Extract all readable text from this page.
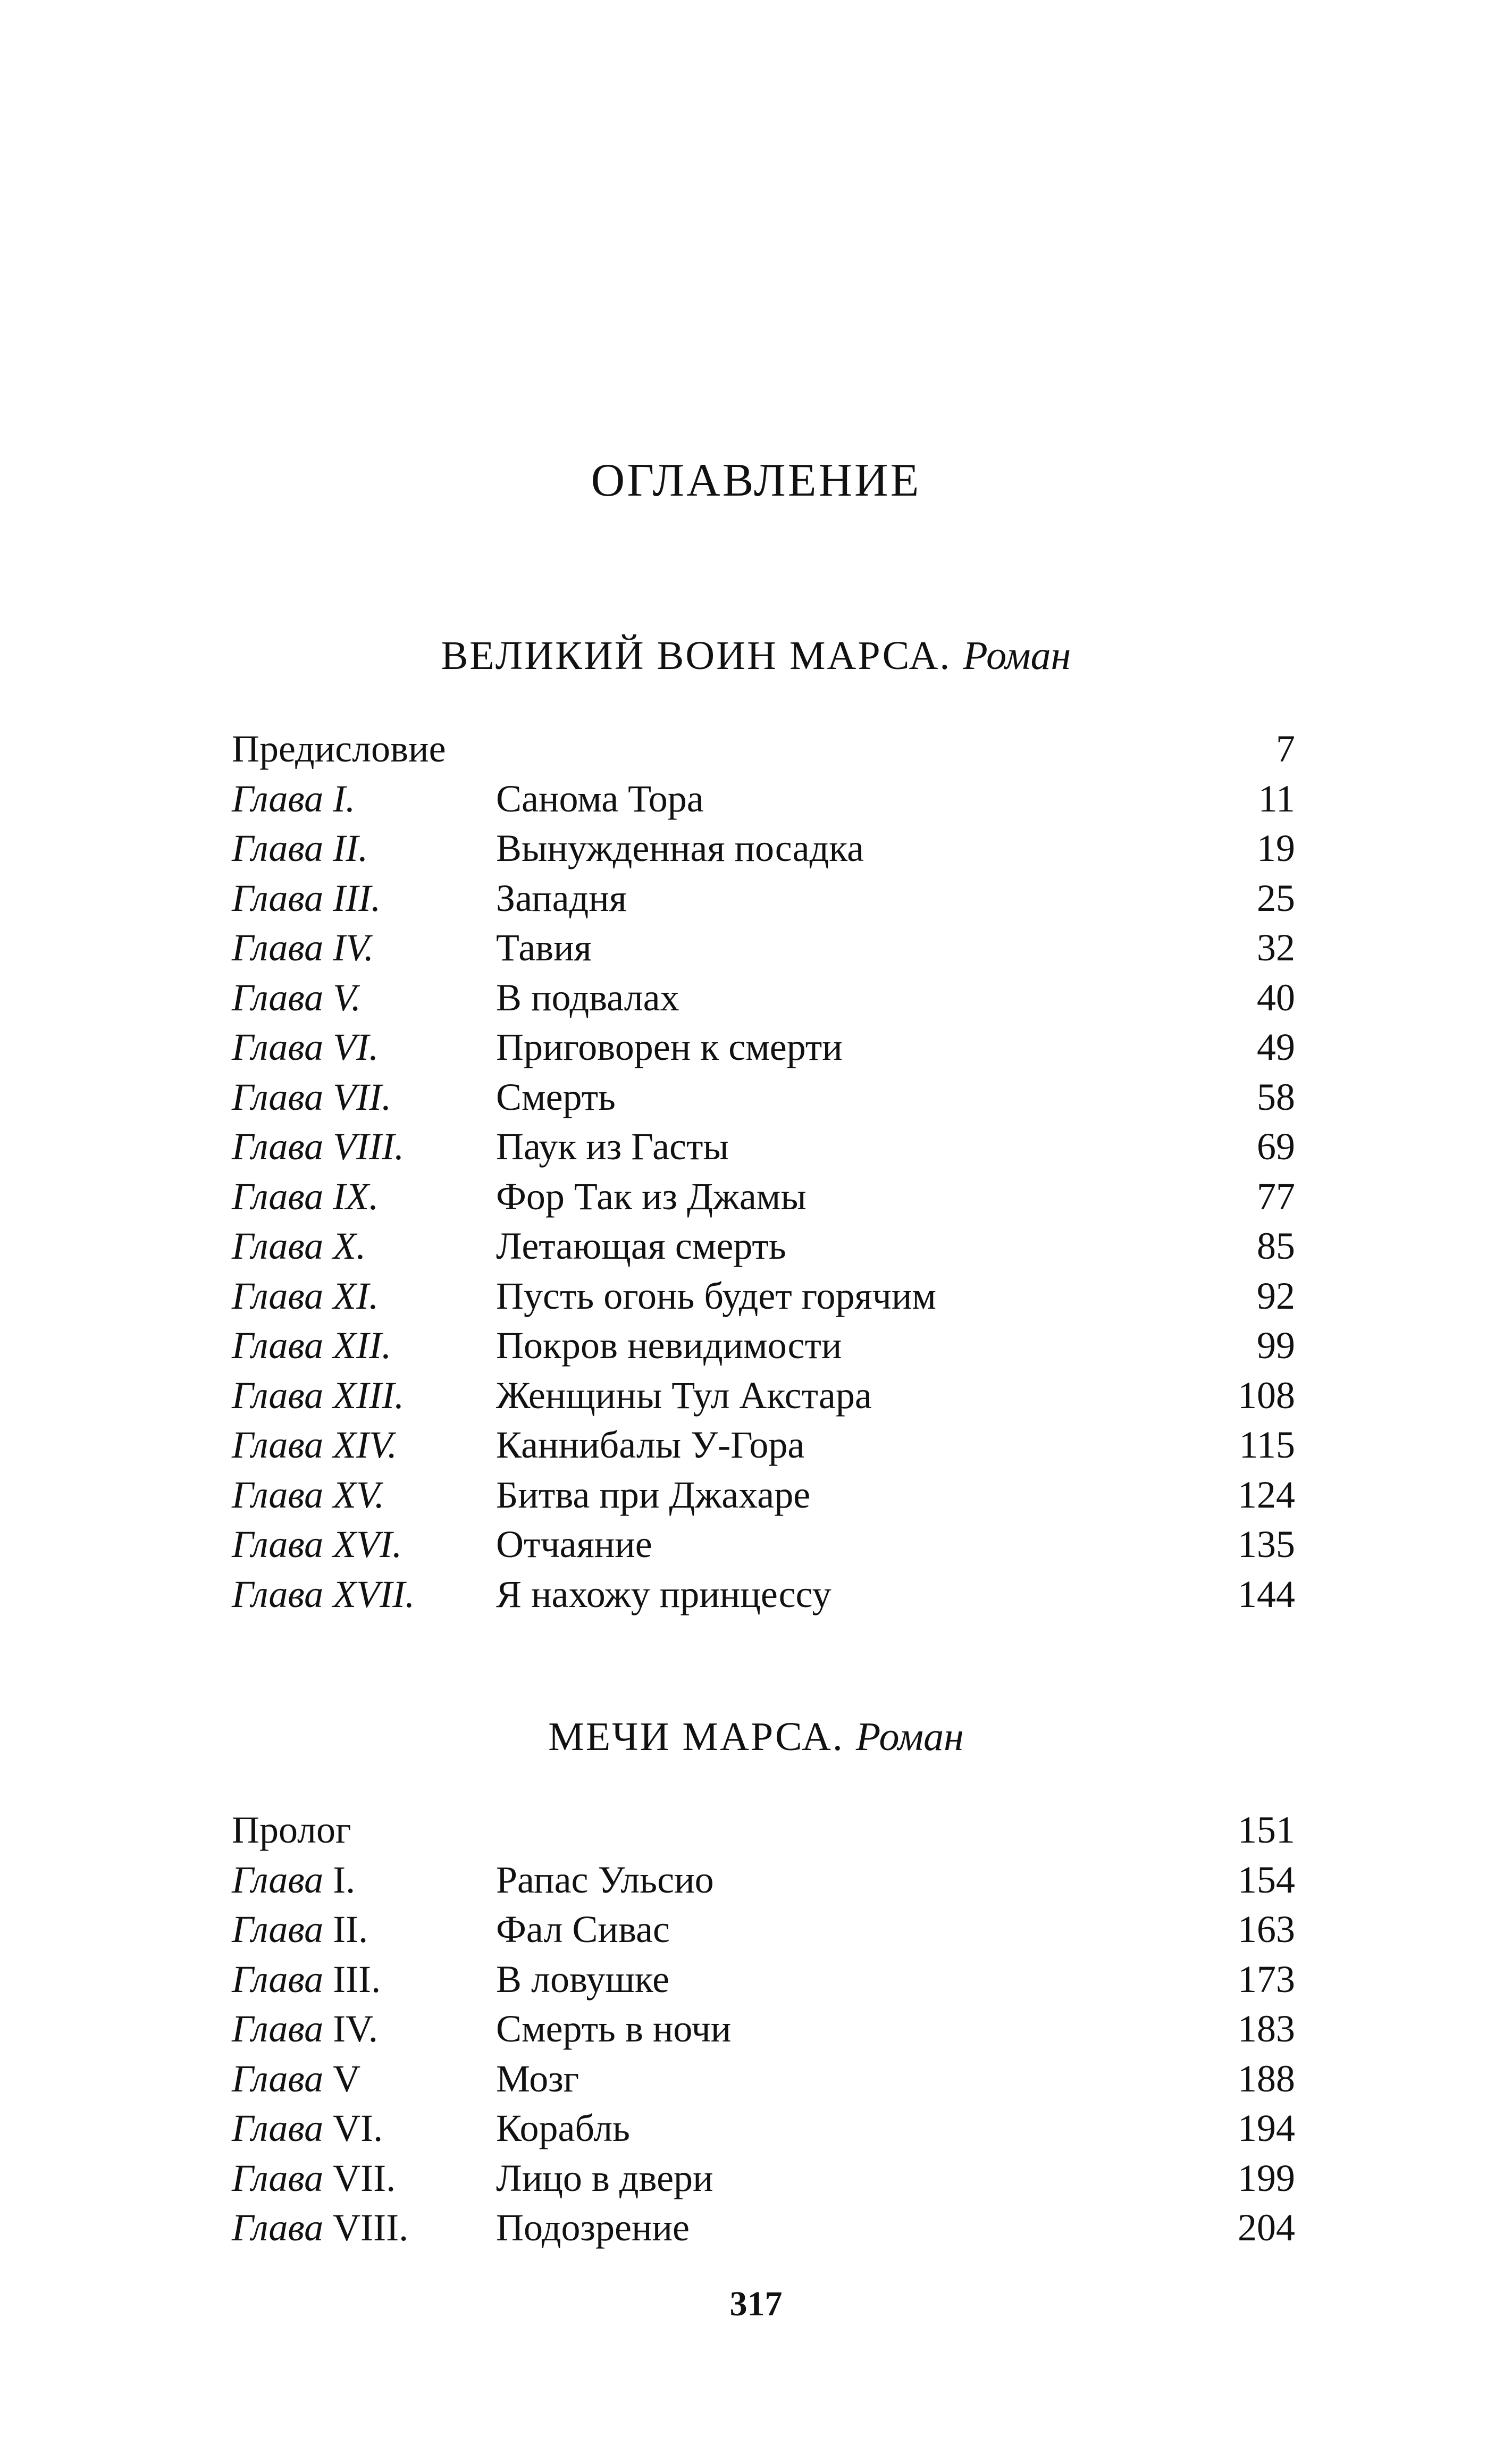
ОГЛАВЛЕНИЕ
ВЕЛИКИЙ ВОИН МАРСА. Роман
Предисловие	7
Глава I.	Санома Тора	11
Глава II.	Вынужденная посадка	19
Глава III.	Западня	25
Глава IV.	Тавия	32
Глава V.	В подвалах	40
Глава VI.	Приговорен к смерти	49
Глава VII.	Смерть	58
Глава VIII. Паук из Гасты	69
Глава IX.	Фор Так из Джамы	77
Глава X.	Летающая смерть	85
Глава XI.	Пусть огонь будет горячим	92
Глава XII.	Покров невидимости	99
Глава XIII. Женщины Тул Акстара	108
Глава XIV.	Каннибалы У-Гора	115
Глава XV.	Битва при Джахаре	124
Глава XVI. Отчаяние	135
Глава XVII. Я нахожу принцессу	144
МЕЧИ МАРСА. Роман
Пролог	151
Глава I.	Рапас Ульсио	154
Глава II.	Фал Сивас	163
Глава III.	В ловушке	173
Глава IV.	Смерть в ночи	183
Глава V	Мозг	188
Глава VI.	Корабль	194
Глава VII.	Лицо в двери	199
Глава VIII. Подозрение	204
317
